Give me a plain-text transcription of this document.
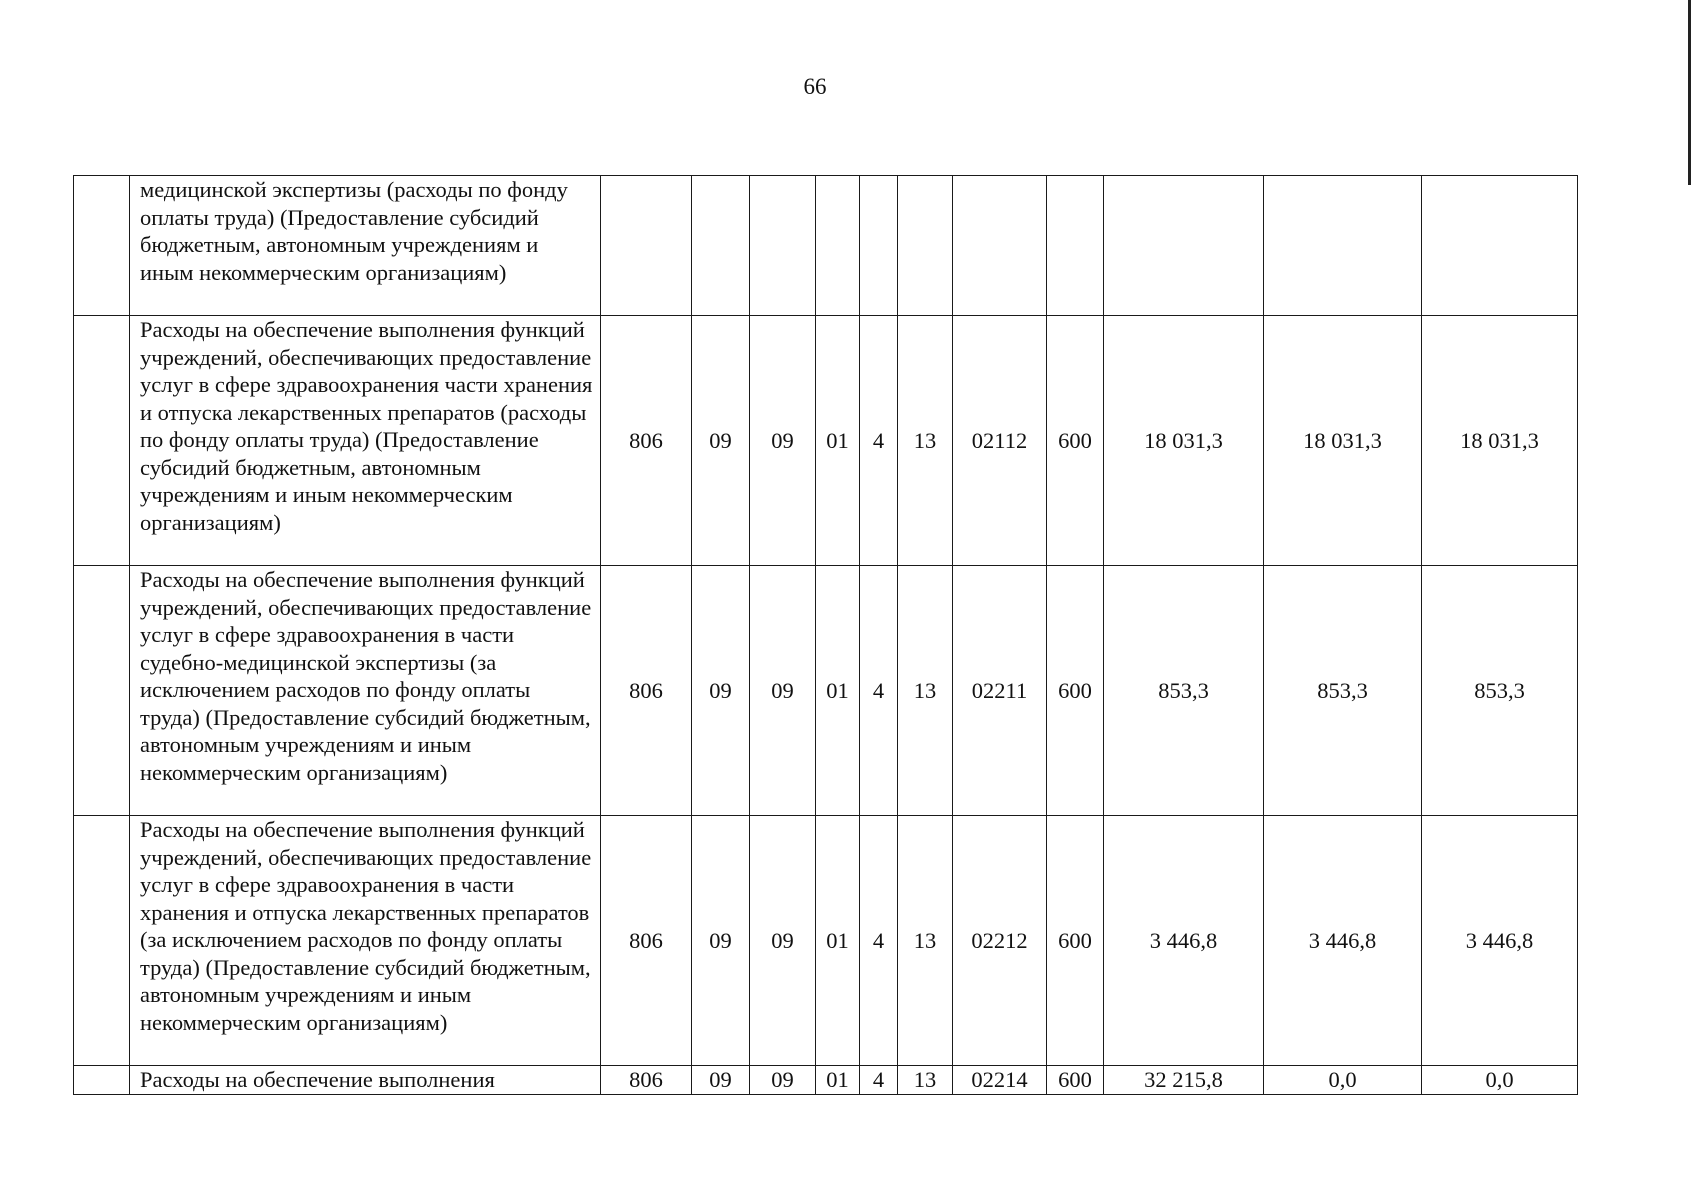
66
	медицинской экспертизы (расходы по фонду оплаты труда) (Предоставление субсидий бюджетным, автономным учреждениям и иным некоммерческим организациям)											
	Расходы на обеспечение выполнения функций учреждений, обеспечивающих предоставление услуг в сфере здравоохранения части хранения и отпуска лекарственных препаратов (расходы по фонду оплаты труда) (Предоставление субсидий бюджетным, автономным учреждениям и иным некоммерческим организациям)	806	09	09	01	4	13	02112	600	18 031,3	18 031,3	18 031,3
	Расходы на обеспечение выполнения функций учреждений, обеспечивающих предоставление услуг в сфере здравоохранения в части судебно-медицинской экспертизы (за исключением расходов по фонду оплаты труда) (Предоставление субсидий бюджетным, автономным учреждениям и иным некоммерческим организациям)	806	09	09	01	4	13	02211	600	853,3	853,3	853,3
	Расходы на обеспечение выполнения функций учреждений, обеспечивающих предоставление услуг в сфере здравоохранения в части хранения и отпуска лекарственных препаратов (за исключением расходов по фонду оплаты труда) (Предоставление субсидий бюджетным, автономным учреждениям и иным некоммерческим организациям)	806	09	09	01	4	13	02212	600	3 446,8	3 446,8	3 446,8
	Расходы на обеспечение выполнения	806	09	09	01	4	13	02214	600	32 215,8	0,0	0,0
